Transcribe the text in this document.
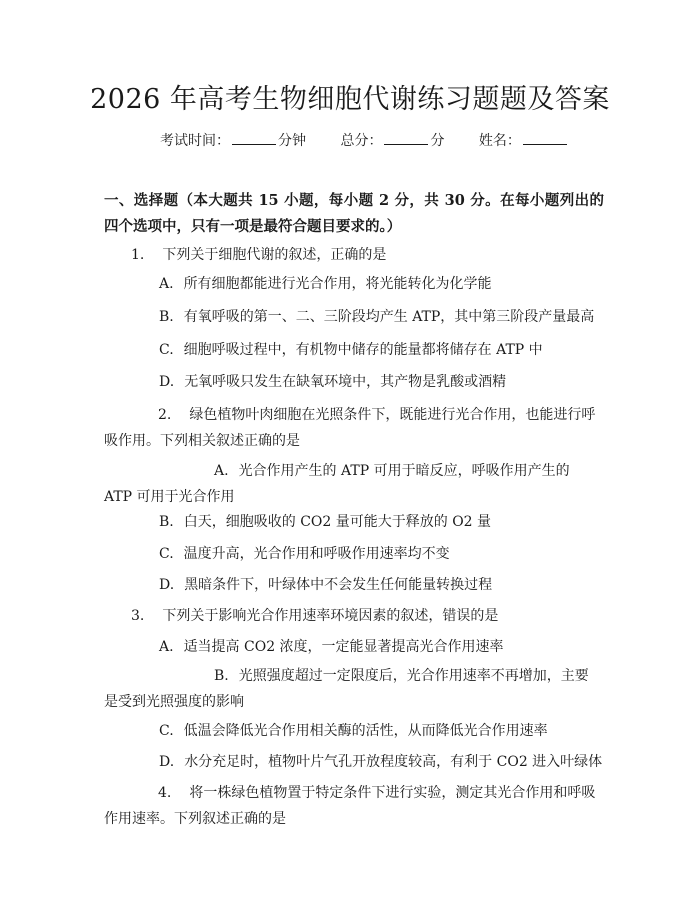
2026 年高考生物细胞代谢练习题题及答案
考试时间：	分钟 总分：	分 姓名：
一、选择题（本大题共 15 小题，每小题 2 分，共 30 分。在每小题列出的四个选项中，只有一项是最符合题目要求的。）
1. 下列关于细胞代谢的叙述，正确的是
A. 所有细胞都能进行光合作用，将光能转化为化学能
B. 有氧呼吸的第一、二、三阶段均产生 ATP，其中第三阶段产量最高
C. 细胞呼吸过程中，有机物中储存的能量都将储存在 ATP 中
D. 无氧呼吸只发生在缺氧环境中，其产物是乳酸或酒精
2. 绿色植物叶肉细胞在光照条件下，既能进行光合作用，也能进行呼吸作用。下列相关叙述正确的是
A. 光合作用产生的 ATP 可用于暗反应，呼吸作用产生的 ATP 可用于光合作用
B. 白天，细胞吸收的 CO2 量可能大于释放的 O2 量
C. 温度升高，光合作用和呼吸作用速率均不变
D. 黑暗条件下，叶绿体中不会发生任何能量转换过程
3. 下列关于影响光合作用速率环境因素的叙述，错误的是
A. 适当提高 CO2 浓度，一定能显著提高光合作用速率
B. 光照强度超过一定限度后，光合作用速率不再增加，主要是受到光照强度的影响
C. 低温会降低光合作用相关酶的活性，从而降低光合作用速率
D. 水分充足时，植物叶片气孔开放程度较高，有利于 CO2 进入叶绿体
4. 将一株绿色植物置于特定条件下进行实验，测定其光合作用和呼吸作用速率。下列叙述正确的是
